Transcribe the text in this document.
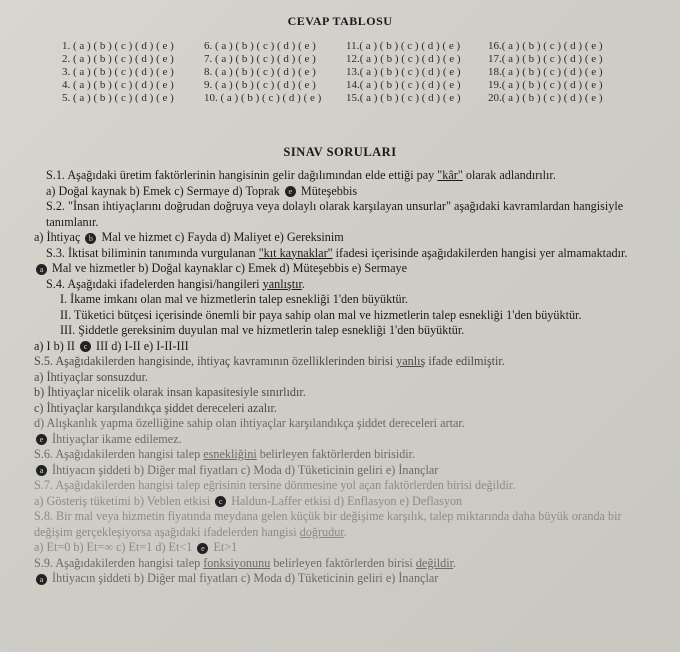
CEVAP TABLOSU
1. ( a ) ( b ) ( c ) ( d ) ( e )	6. ( a ) ( b ) ( c ) ( d ) ( e )	11.( a ) ( b ) ( c ) ( d ) ( e )	16.( a ) ( b ) ( c ) ( d ) ( e )
2. ( a ) ( b ) ( c ) ( d ) ( e )	7. ( a ) ( b ) ( c ) ( d ) ( e )	12.( a ) ( b ) ( c ) ( d ) ( e )	17.( a ) ( b ) ( c ) ( d ) ( e )
3. ( a ) ( b ) ( c ) ( d ) ( e )	8. ( a ) ( b ) ( c ) ( d ) ( e )	13.( a ) ( b ) ( c ) ( d ) ( e )	18.( a ) ( b ) ( c ) ( d ) ( e )
4. ( a ) ( b ) ( c ) ( d ) ( e )	9. ( a ) ( b ) ( c ) ( d ) ( e )	14.( a ) ( b ) ( c ) ( d ) ( e )	19.( a ) ( b ) ( c ) ( d ) ( e )
5. ( a ) ( b ) ( c ) ( d ) ( e )	10. ( a ) ( b ) ( c ) ( d ) ( e )	15.( a ) ( b ) ( c ) ( d ) ( e )	20.( a ) ( b ) ( c ) ( d ) ( e )
SINAV SORULARI

S.1. Aşağıdaki üretim faktörlerinin hangisinin gelir dağılımından elde ettiği pay "kâr" olarak adlandırılır.

a) Doğal kaynak b) Emek c) Sermaye d) Toprak e Müteşebbis

S.2. "İnsan ihtiyaçlarını doğrudan doğruya veya dolaylı olarak karşılayan unsurlar" aşağıdaki kavramlardan hangisiyle tanımlanır.

a) İhtiyaç b Mal ve hizmet c) Fayda d) Maliyet e) Gereksinim

S.3. İktisat biliminin tanımında vurgulanan "kıt kaynaklar" ifadesi içerisinde aşağıdakilerden hangisi yer almamaktadır.

a Mal ve hizmetler b) Doğal kaynaklar c) Emek d) Müteşebbis e) Sermaye

S.4. Aşağıdaki ifadelerden hangisi/hangileri yanlıştır.

I. İkame imkanı olan mal ve hizmetlerin talep esnekliği 1'den büyüktür.

II. Tüketici bütçesi içerisinde önemli bir paya sahip olan mal ve hizmetlerin talep esnekliği 1'den büyüktür.

III. Şiddetle gereksinim duyulan mal ve hizmetlerin talep esnekliği 1'den büyüktür.

a) I b) II c III d) I-II e) I-II-III

S.5. Aşağıdakilerden hangisinde, ihtiyaç kavramının özelliklerinden birisi yanlış ifade edilmiştir.

a) İhtiyaçlar sonsuzdur.

b) İhtiyaçlar nicelik olarak insan kapasitesiyle sınırlıdır.

c) İhtiyaçlar karşılandıkça şiddet dereceleri azalır.

d) Alışkanlık yapma özelliğine sahip olan ihtiyaçlar karşılandıkça şiddet dereceleri artar.

e İhtiyaçlar ikame edilemez.

S.6. Aşağıdakilerden hangisi talep esnekliğini belirleyen faktörlerden birisidir.

a İhtiyacın şiddeti b) Diğer mal fiyatları c) Moda d) Tüketicinin geliri e) İnançlar

S.7. Aşağıdakilerden hangisi talep eğrisinin tersine dönmesine yol açan faktörlerden birisi değildir.

a) Gösteriş tüketimi b) Veblen etkisi c Haldun-Laffer etkisi d) Enflasyon e) Deflasyon

S.8. Bir mal veya hizmetin fiyatında meydana gelen küçük bir değişime karşılık, talep miktarında daha büyük oranda bir değişim gerçekleşiyorsa aşağıdaki ifadelerden hangisi doğrudur.

a) Et=0 b) Et=∞ c) Et=1 d) Et<1 e Et>1

S.9. Aşağıdakilerden hangisi talep fonksiyonunu belirleyen faktörlerden birisi değildir.

a İhtiyacın şiddeti b) Diğer mal fiyatları c) Moda d) Tüketicinin geliri e) İnançlar
